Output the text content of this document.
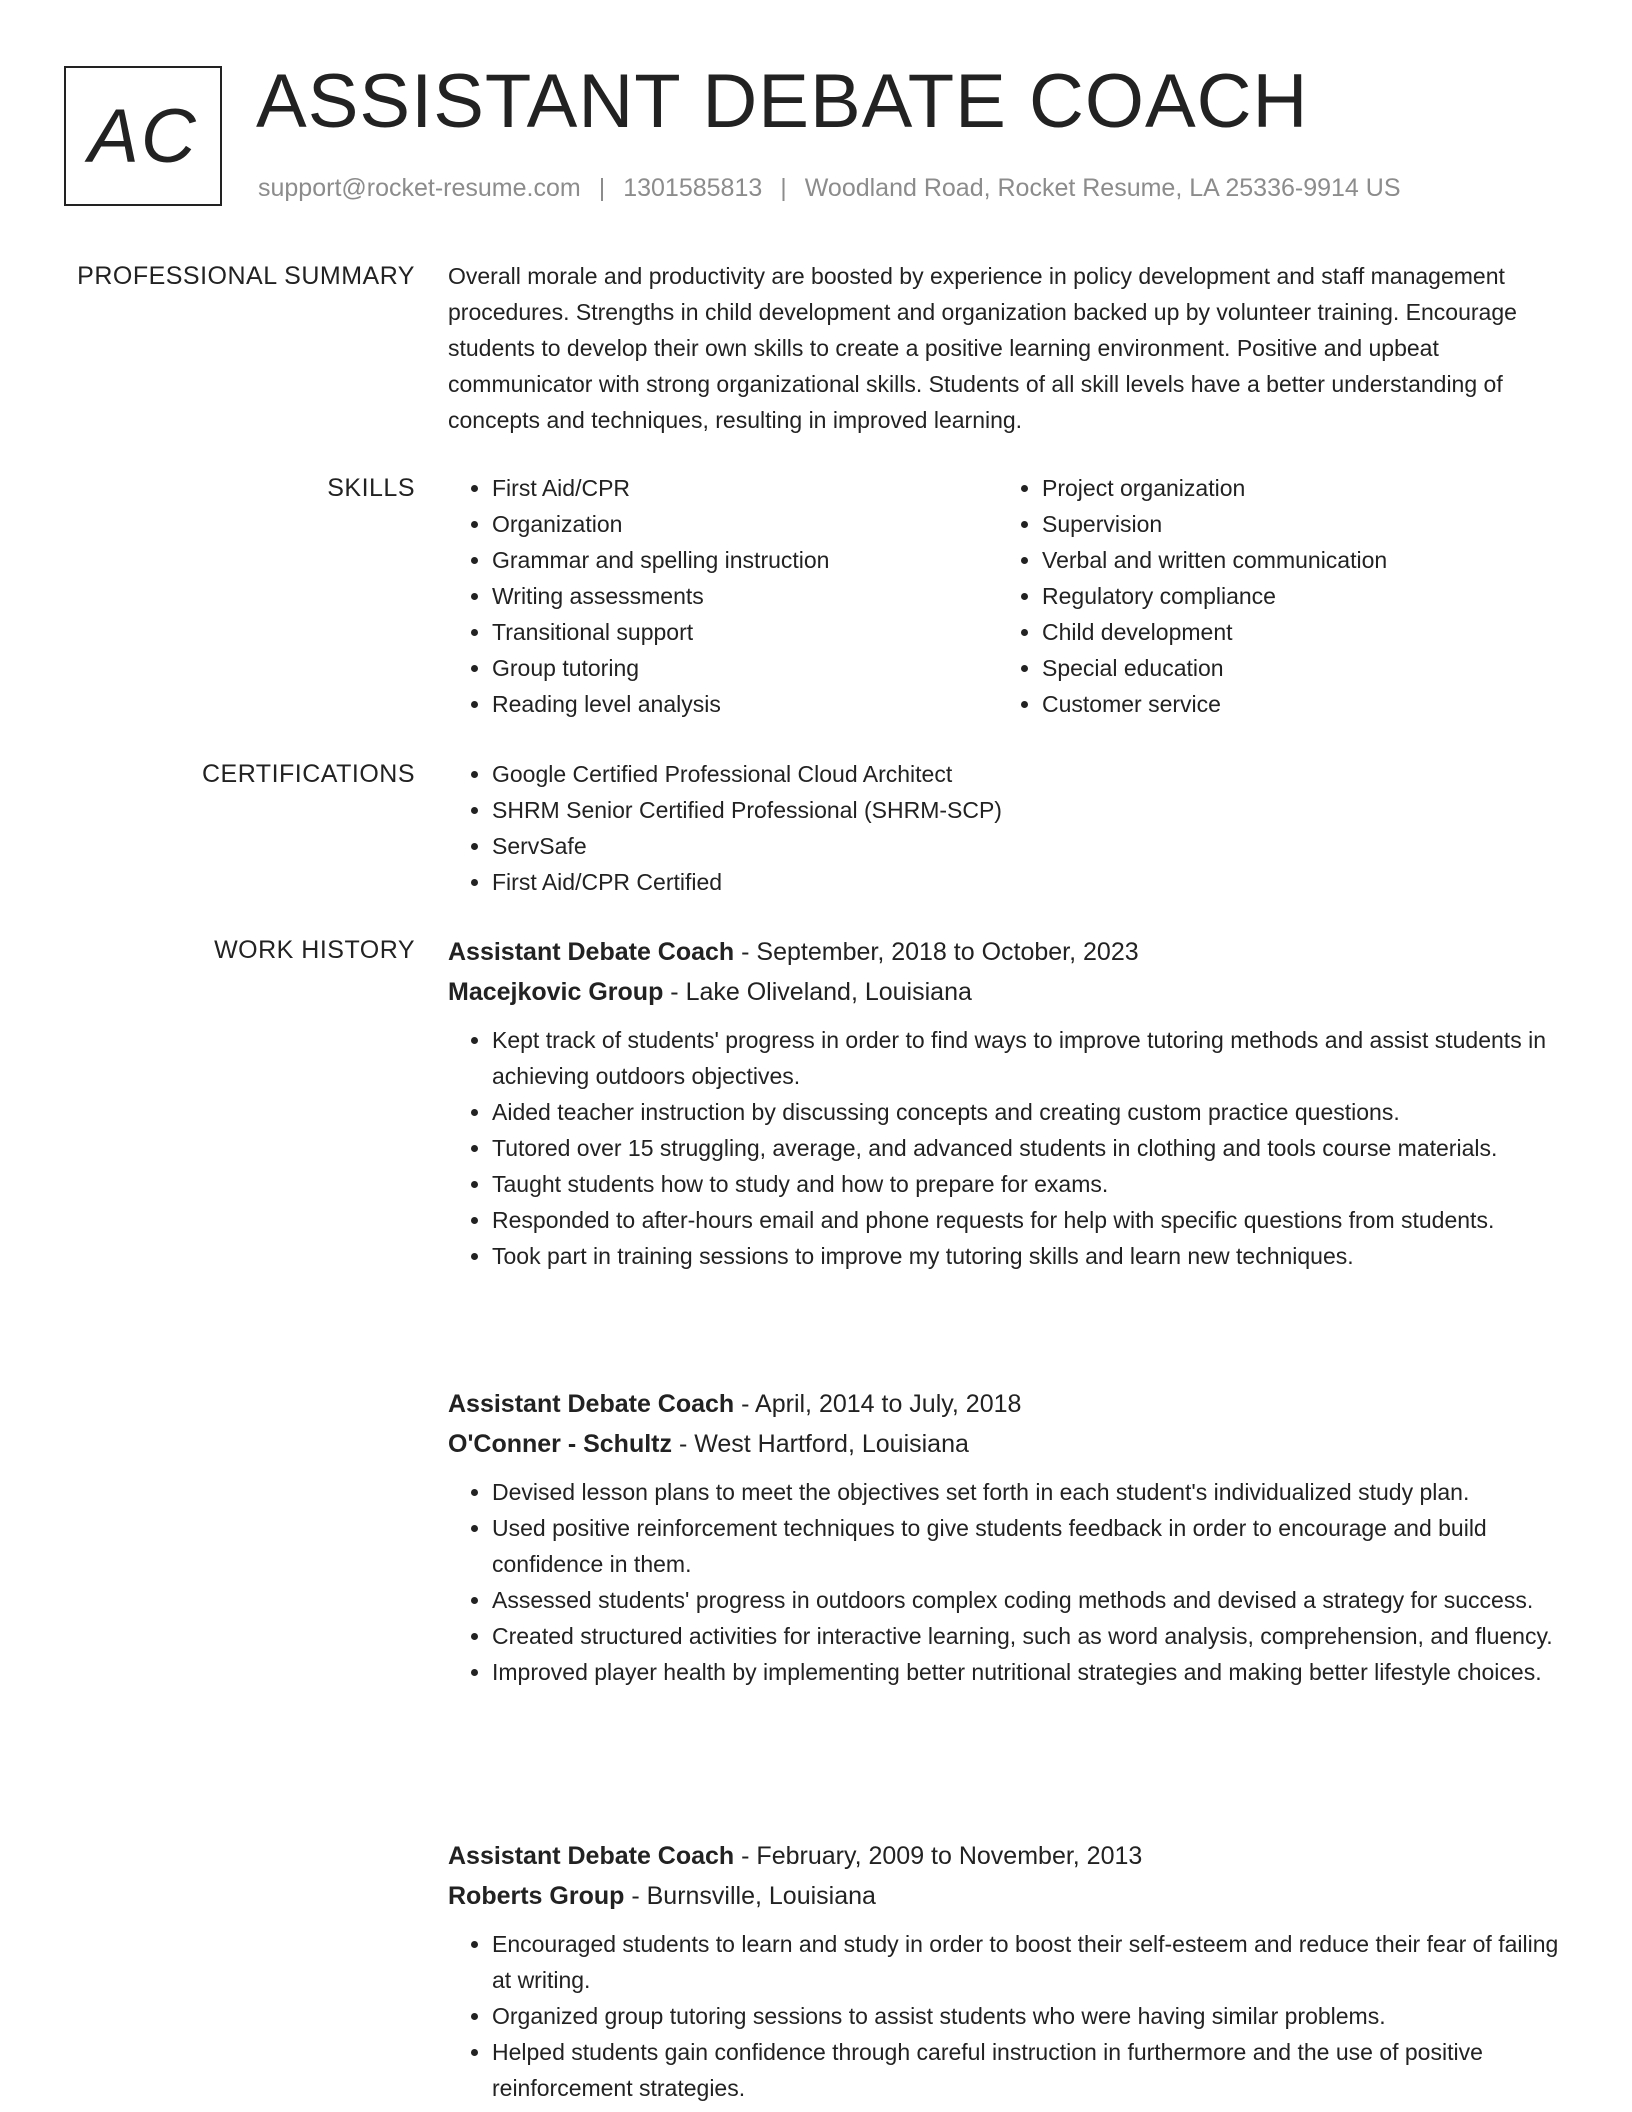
AC ASSISTANT DEBATE COACH
support@rocket-resume.com | 1301585813 | Woodland Road, Rocket Resume, LA 25336-9914 US
PROFESSIONAL SUMMARY Overall morale and productivity are boosted by experience in policy development and staff management procedures. Strengths in child development and organization backed up by volunteer training. Encourage students to develop their own skills to create a positive learning environment. Positive and upbeat communicator with strong organizational skills. Students of all skill levels have a better understanding of concepts and techniques, resulting in improved learning.

SKILLS	• First Aid/CPR
• Organization
• Grammar and spelling instruction
• Writing assessments
• Transitional support
• Group tutoring
• Reading level analysis
• Project organization
• Supervision
• Verbal and written communication
• Regulatory compliance
• Child development
• Special education
• Customer service
CERTIFICATIONS	• Google Certified Professional Cloud Architect
• SHRM Senior Certified Professional (SHRM-SCP)
• ServSafe
• First Aid/CPR Certified
WORK HISTORY Assistant Debate Coach - September, 2018 to October, 2023
Macejkovic Group - Lake Oliveland, Louisiana
• Kept track of students' progress in order to find ways to improve tutoring methods and assist students in achieving outdoors objectives.
• Aided teacher instruction by discussing concepts and creating custom practice questions.
• Tutored over 15 struggling, average, and advanced students in clothing and tools course materials.
• Taught students how to study and how to prepare for exams.
• Responded to after-hours email and phone requests for help with specific questions from students.
• Took part in training sessions to improve my tutoring skills and learn new techniques.
Assistant Debate Coach - April, 2014 to July, 2018
O'Conner - Schultz - West Hartford, Louisiana
• Devised lesson plans to meet the objectives set forth in each student's individualized study plan.
• Used positive reinforcement techniques to give students feedback in order to encourage and build confidence in them.
• Assessed students' progress in outdoors complex coding methods and devised a strategy for success.
• Created structured activities for interactive learning, such as word analysis, comprehension, and fluency.
• Improved player health by implementing better nutritional strategies and making better lifestyle choices.
Assistant Debate Coach - February, 2009 to November, 2013
Roberts Group - Burnsville, Louisiana
• Encouraged students to learn and study in order to boost their self-esteem and reduce their fear of failing at writing.
• Organized group tutoring sessions to assist students who were having similar problems.
• Helped students gain confidence through careful instruction in furthermore and the use of positive reinforcement strategies.
